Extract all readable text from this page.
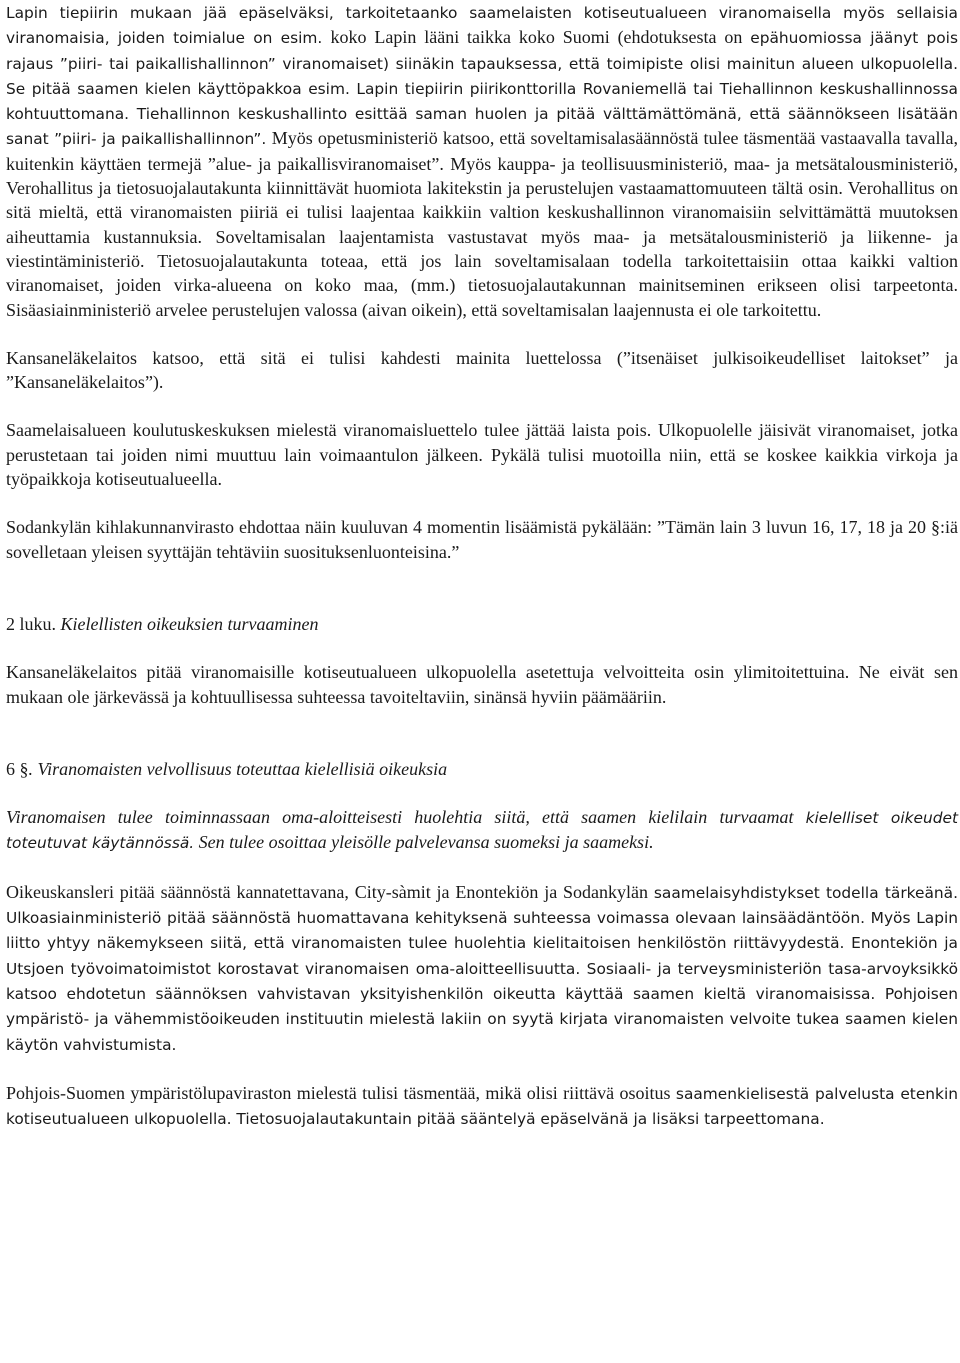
Lapin tiepiirin mukaan jää epäselväksi, tarkoitetaanko saamelaisten kotiseutualueen viranomaisella myös sellaisia viranomaisia, joiden toimialue on esim. koko Lapin lääni taikka koko Suomi (ehdotuksesta on epähuomiossa jäänyt pois rajaus ”piiri- tai paikallishallinnon” viranomaiset) siinäkin tapauksessa, että toimipiste olisi mainitun alueen ulkopuolella. Se pitää saamen kielen käyttöpakkoa esim. Lapin tiepiirin piirikonttorilla Rovaniemellä tai Tiehallinnon keskushallinnossa kohtuuttomana. Tiehallinnon keskushallinto esittää saman huolen ja pitää välttämättömänä, että säännökseen lisätään sanat ”piiri- ja paikallishallinnon”. Myös opetusministeriö katsoo, että soveltamisalasäännöstä tulee täsmentää vastaavalla tavalla, kuitenkin käyttäen termejä ”alue- ja paikallisviranomaiset”. Myös kauppa- ja teollisuusministeriö, maa- ja metsätalousministeriö, Verohallitus ja tietosuojalautakunta kiinnittävät huomiota lakitekstin ja perustelujen vastaamattomuuteen tältä osin. Verohallitus on sitä mieltä, että viranomaisten piiriä ei tulisi laajentaa kaikkiin valtion keskushallinnon viranomaisiin selvittämättä muutoksen aiheuttamia kustannuksia. Soveltamisalan laajentamista vastustavat myös maa- ja metsätalousministeriö ja liikenne- ja viestintäministeriö. Tietosuojalautakunta toteaa, että jos lain soveltamisalaan todella tarkoitettaisiin ottaa kaikki valtion viranomaiset, joiden virka-alueena on koko maa, (mm.) tietosuojalautakunnan mainitseminen erikseen olisi tarpeetonta. Sisäasiainministeriö arvelee perustelujen valossa (aivan oikein), että soveltamisalan laajennusta ei ole tarkoitettu.

Kansaneläkelaitos katsoo, että sitä ei tulisi kahdesti mainita luettelossa (”itsenäiset julkisoikeudelliset laitokset” ja ”Kansaneläkelaitos”).

Saamelaisalueen koulutuskeskuksen mielestä viranomaisluettelo tulee jättää laista pois. Ulkopuolelle jäisivät viranomaiset, jotka perustetaan tai joiden nimi muuttuu lain voimaantulon jälkeen. Pykälä tulisi muotoilla niin, että se koskee kaikkia virkoja ja työpaikkoja kotiseutualueella.

Sodankylän kihlakunnanvirasto ehdottaa näin kuuluvan 4 momentin lisäämistä pykälään: ”Tämän lain 3 luvun 16, 17, 18 ja 20 §:iä sovelletaan yleisen syyttäjän tehtäviin suosituksenluonteisina.”

2 luku. Kielellisten oikeuksien turvaaminen

Kansaneläkelaitos pitää viranomaisille kotiseutualueen ulkopuolella asetettuja velvoitteita osin ylimitoitettuina. Ne eivät sen mukaan ole järkevässä ja kohtuullisessa suhteessa tavoiteltaviin, sinänsä hyviin päämääriin.

6 §. Viranomaisten velvollisuus toteuttaa kielellisiä oikeuksia

Viranomaisen tulee toiminnassaan oma-aloitteisesti huolehtia siitä, että saamen kielilain turvaamat kielelliset oikeudet toteutuvat käytännössä. Sen tulee osoittaa yleisölle palvelevansa suomeksi ja saameksi.

Oikeuskansleri pitää säännöstä kannatettavana, City-sàmit ja Enontekiön ja Sodankylän saamelaisyhdistykset todella tärkeänä. Ulkoasiainministeriö pitää säännöstä huomattavana kehityksenä suhteessa voimassa olevaan lainsäädäntöön. Myös Lapin liitto yhtyy näkemykseen siitä, että viranomaisten tulee huolehtia kielitaitoisen henkilöstön riittävyydestä. Enontekiön ja Utsjoen työvoimatoimistot korostavat viranomaisen oma-aloitteellisuutta. Sosiaali- ja terveysministeriön tasa-arvoyksikkö katsoo ehdotetun säännöksen vahvistavan yksityishenkilön oikeutta käyttää saamen kieltä viranomaisissa. Pohjoisen ympäristö- ja vähemmistöoikeuden instituutin mielestä lakiin on syytä kirjata viranomaisten velvoite tukea saamen kielen käytön vahvistumista.

Pohjois-Suomen ympäristölupaviraston mielestä tulisi täsmentää, mikä olisi riittävä osoitus saamenkielisestä palvelusta etenkin kotiseutualueen ulkopuolella. Tietosuojalautakuntain pitää sääntelyä epäselvänä ja lisäksi tarpeettomana.
